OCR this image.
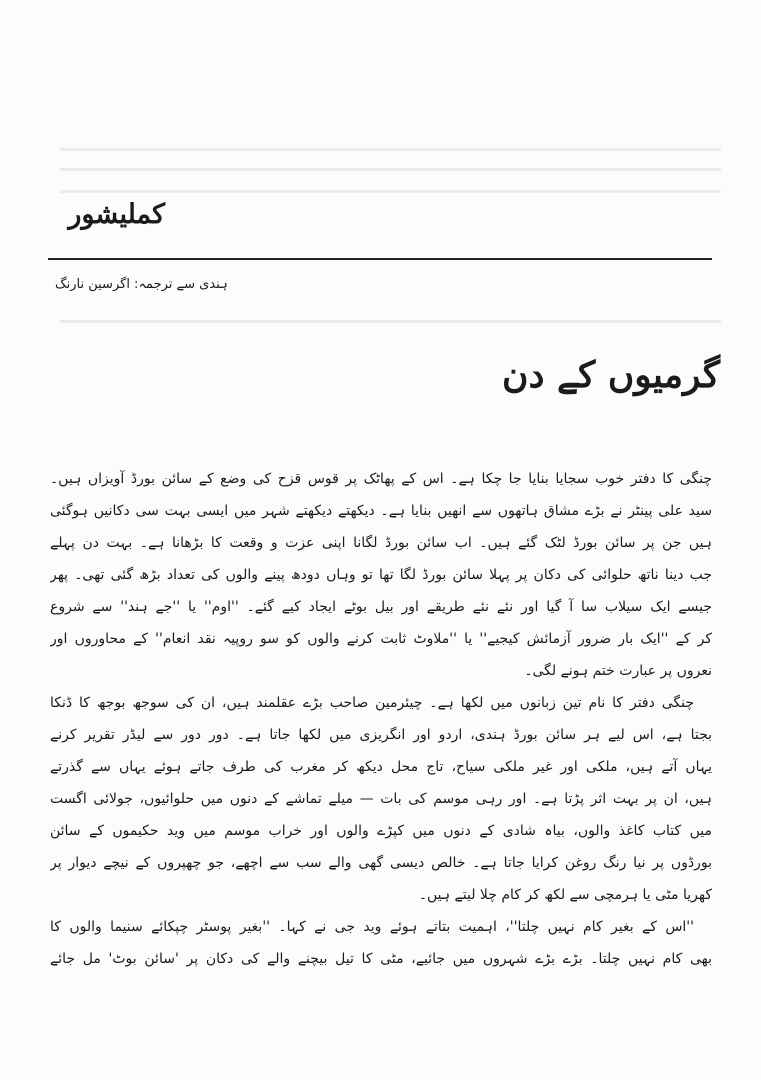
کملیشور

ہندی سے ترجمہ: اگرسین نارنگ

گرمیوں کے دن
چنگی کا دفتر خوب سجایا بنایا جا چکا ہے۔ اس کے پھاٹک پر قوس قزح کی وضع کے سائن بورڈ آویزاں ہیں۔
سید علی پینٹر نے بڑے مشاق ہاتھوں سے انھیں بنایا ہے۔ دیکھتے دیکھتے شہر میں ایسی بہت سی دکانیں ہوگئی
ہیں جن پر سائن بورڈ لٹک گئے ہیں۔ اب سائن بورڈ لگانا اپنی عزت و وقعت کا بڑھانا ہے۔ بہت دن پہلے
جب دینا ناتھ حلوائی کی دکان پر پہلا سائن بورڈ لگا تھا تو وہاں دودھ پینے والوں کی تعداد بڑھ گئی تھی۔ پھر
جیسے ایک سیلاب سا آ گیا اور نئے نئے طریقے اور بیل بوٹے ایجاد کیے گئے۔ ''اوم'' یا ''جے ہند'' سے شروع
کر کے ''ایک بار ضرور آزمائش کیجیے'' یا ''ملاوٹ ثابت کرنے والوں کو سو روپیہ نقد انعام'' کے محاوروں اور
نعروں پر عبارت ختم ہونے لگی۔
چنگی دفتر کا نام تین زبانوں میں لکھا ہے۔ چیئرمین صاحب بڑے عقلمند ہیں، ان کی سوجھ بوجھ کا ڈنکا
بجتا ہے، اس لیے ہر سائن بورڈ ہندی، اردو اور انگریزی میں لکھا جاتا ہے۔ دور دور سے لیڈر تقریر کرنے
یہاں آتے ہیں، ملکی اور غیر ملکی سیاح، تاج محل دیکھ کر مغرب کی طرف جاتے ہوئے یہاں سے گذرتے
ہیں، ان پر بہت اثر پڑتا ہے۔ اور رہی موسم کی بات — میلے تماشے کے دنوں میں حلوائیوں، جولائی اگست
میں کتاب کاغذ والوں، بیاہ شادی کے دنوں میں کپڑے والوں اور خراب موسم میں وید حکیموں کے سائن
بورڈوں پر نیا رنگ روغن کرایا جاتا ہے۔ خالص دیسی گھی والے سب سے اچھے، جو چھپروں کے نیچے دیوار پر
کھریا مٹی یا ہرمچی سے لکھ کر کام چلا لیتے ہیں۔
''اس کے بغیر کام نہیں چلتا''، اہمیت بتاتے ہوئے وید جی نے کہا۔ ''بغیر پوسٹر چپکائے سنیما والوں کا
بھی کام نہیں چلتا۔ بڑے بڑے شہروں میں جائیے، مٹی کا تیل بیچنے والے کی دکان پر 'سائن بوٹ' مل جائے
